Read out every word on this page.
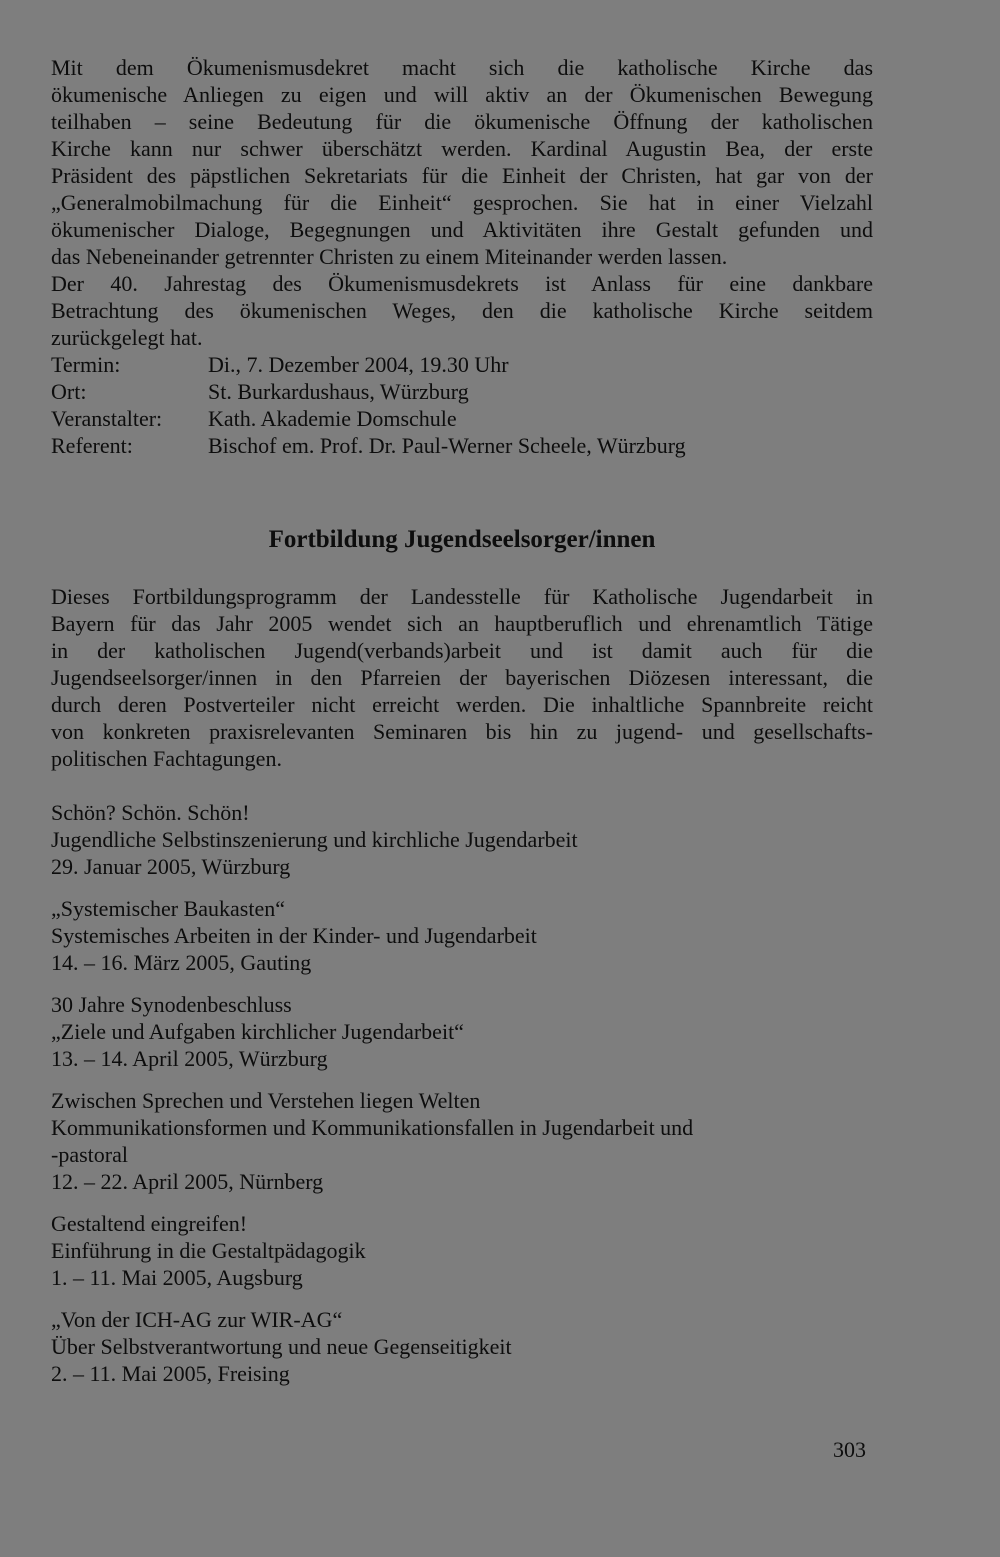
Mit dem Ökumenismusdekret macht sich die katholische Kirche das
ökumenische Anliegen zu eigen und will aktiv an der Ökumenischen Bewegung
teilhaben – seine Bedeutung für die ökumenische Öffnung der katholischen
Kirche kann nur schwer überschätzt werden. Kardinal Augustin Bea, der erste
Präsident des päpstlichen Sekretariats für die Einheit der Christen, hat gar von der
„Generalmobilmachung für die Einheit“ gesprochen. Sie hat in einer Vielzahl
ökumenischer Dialoge, Begegnungen und Aktivitäten ihre Gestalt gefunden und
das Nebeneinander getrennter Christen zu einem Miteinander werden lassen.

Der 40. Jahrestag des Ökumenismusdekrets ist Anlass für eine dankbare
Betrachtung des ökumenischen Weges, den die katholische Kirche seitdem
zurückgelegt hat.

Termin:	Di., 7. Dezember 2004, 19.30 Uhr
Ort:	St. Burkardushaus, Würzburg
Veranstalter:	Kath. Akademie Domschule
Referent:	Bischof em. Prof. Dr. Paul-Werner Scheele, Würzburg
Fortbildung Jugendseelsorger/innen

Dieses Fortbildungsprogramm der Landesstelle für Katholische Jugendarbeit in
Bayern für das Jahr 2005 wendet sich an hauptberuflich und ehrenamtlich Tätige
in der katholischen Jugend(verbands)arbeit und ist damit auch für die
Jugendseelsorger/innen in den Pfarreien der bayerischen Diözesen interessant, die
durch deren Postverteiler nicht erreicht werden. Die inhaltliche Spannbreite reicht
von konkreten praxisrelevanten Seminaren bis hin zu jugend- und gesellschafts-
politischen Fachtagungen.

Schön? Schön. Schön!
Jugendliche Selbstinszenierung und kirchliche Jugendarbeit
29. Januar 2005, Würzburg

„Systemischer Baukasten“
Systemisches Arbeiten in der Kinder- und Jugendarbeit
14. – 16. März 2005, Gauting

30 Jahre Synodenbeschluss
„Ziele und Aufgaben kirchlicher Jugendarbeit“
13. – 14. April 2005, Würzburg

Zwischen Sprechen und Verstehen liegen Welten
Kommunikationsformen und Kommunikationsfallen in Jugendarbeit und
-pastoral
12. – 22. April 2005, Nürnberg

Gestaltend eingreifen!
Einführung in die Gestaltpädagogik
1. – 11. Mai 2005, Augsburg

„Von der ICH-AG zur WIR-AG“
Über Selbstverantwortung und neue Gegenseitigkeit
2. – 11. Mai 2005, Freising

303
